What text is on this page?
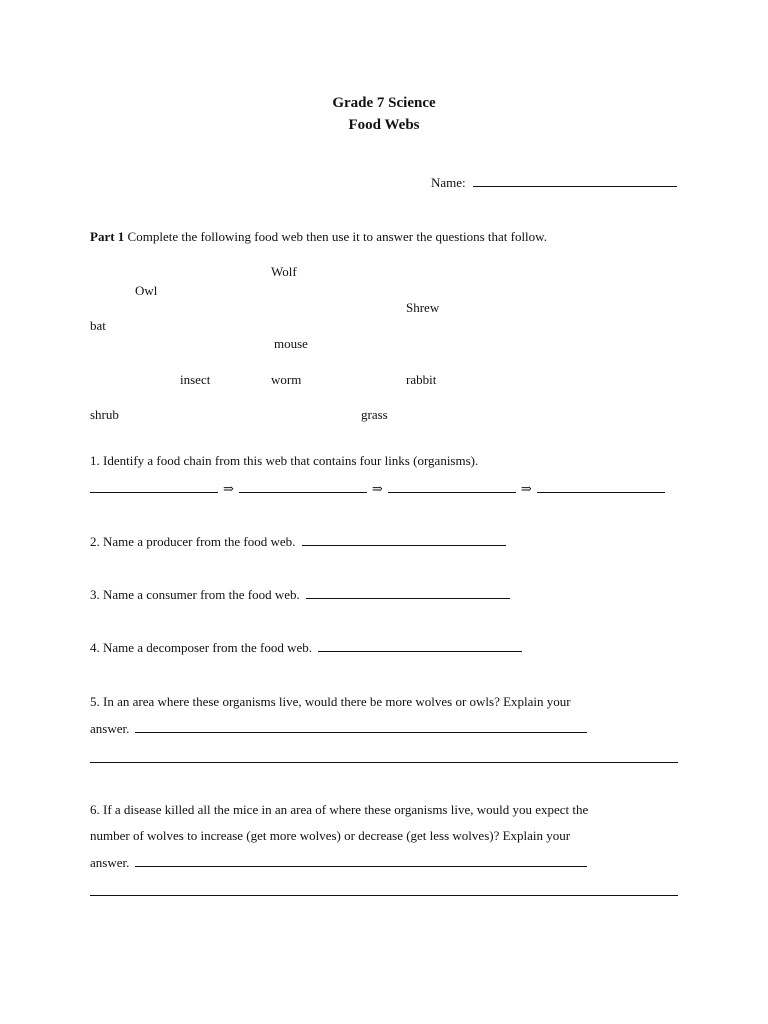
Grade 7 Science
Food Webs
Name:
Part 1 Complete the following food web then use it to answer the questions that follow.
Wolf
Owl
Shrew
bat
mouse
insect	worm	rabbit
shrub	grass
1. Identify a food chain from this web that contains four links (organisms).
⇒	⇒	⇒
2. Name a producer from the food web.
3. Name a consumer from the food web.
4. Name a decomposer from the food web.
5. In an area where these organisms live, would there be more wolves or owls? Explain your
answer.
6. If a disease killed all the mice in an area of where these organisms live, would you expect the
number of wolves to increase (get more wolves) or decrease (get less wolves)? Explain your
answer.
